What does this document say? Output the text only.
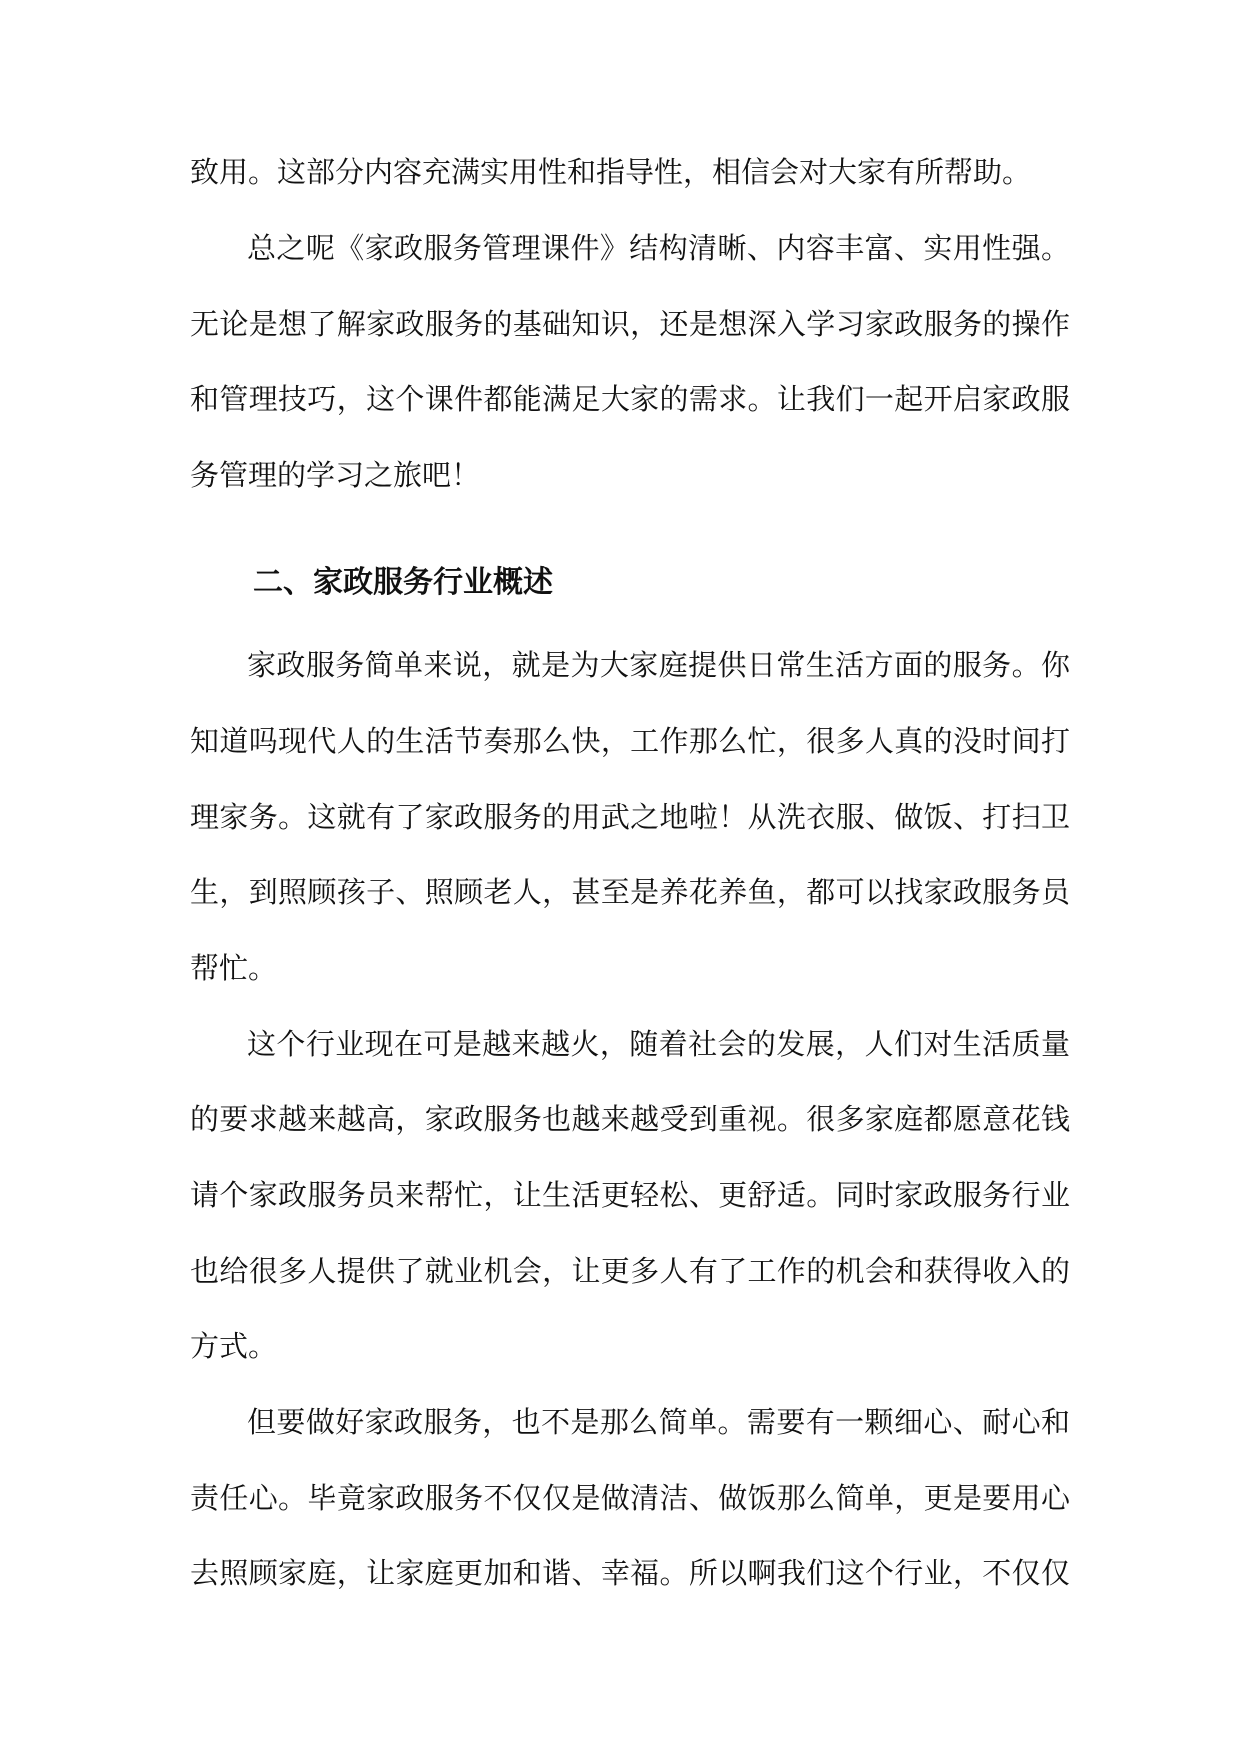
致用。这部分内容充满实用性和指导性，相信会对大家有所帮助。
总之呢《家政服务管理课件》结构清晰、内容丰富、实用性强。
无论是想了解家政服务的基础知识，还是想深入学习家政服务的操作
和管理技巧，这个课件都能满足大家的需求。让我们一起开启家政服
务管理的学习之旅吧！
二、家政服务行业概述
家政服务简单来说，就是为大家庭提供日常生活方面的服务。你
知道吗现代人的生活节奏那么快，工作那么忙，很多人真的没时间打
理家务。这就有了家政服务的用武之地啦！从洗衣服、做饭、打扫卫
生，到照顾孩子、照顾老人，甚至是养花养鱼，都可以找家政服务员
帮忙。
这个行业现在可是越来越火，随着社会的发展，人们对生活质量
的要求越来越高，家政服务也越来越受到重视。很多家庭都愿意花钱
请个家政服务员来帮忙，让生活更轻松、更舒适。同时家政服务行业
也给很多人提供了就业机会，让更多人有了工作的机会和获得收入的
方式。
但要做好家政服务，也不是那么简单。需要有一颗细心、耐心和
责任心。毕竟家政服务不仅仅是做清洁、做饭那么简单，更是要用心
去照顾家庭，让家庭更加和谐、幸福。所以啊我们这个行业，不仅仅
